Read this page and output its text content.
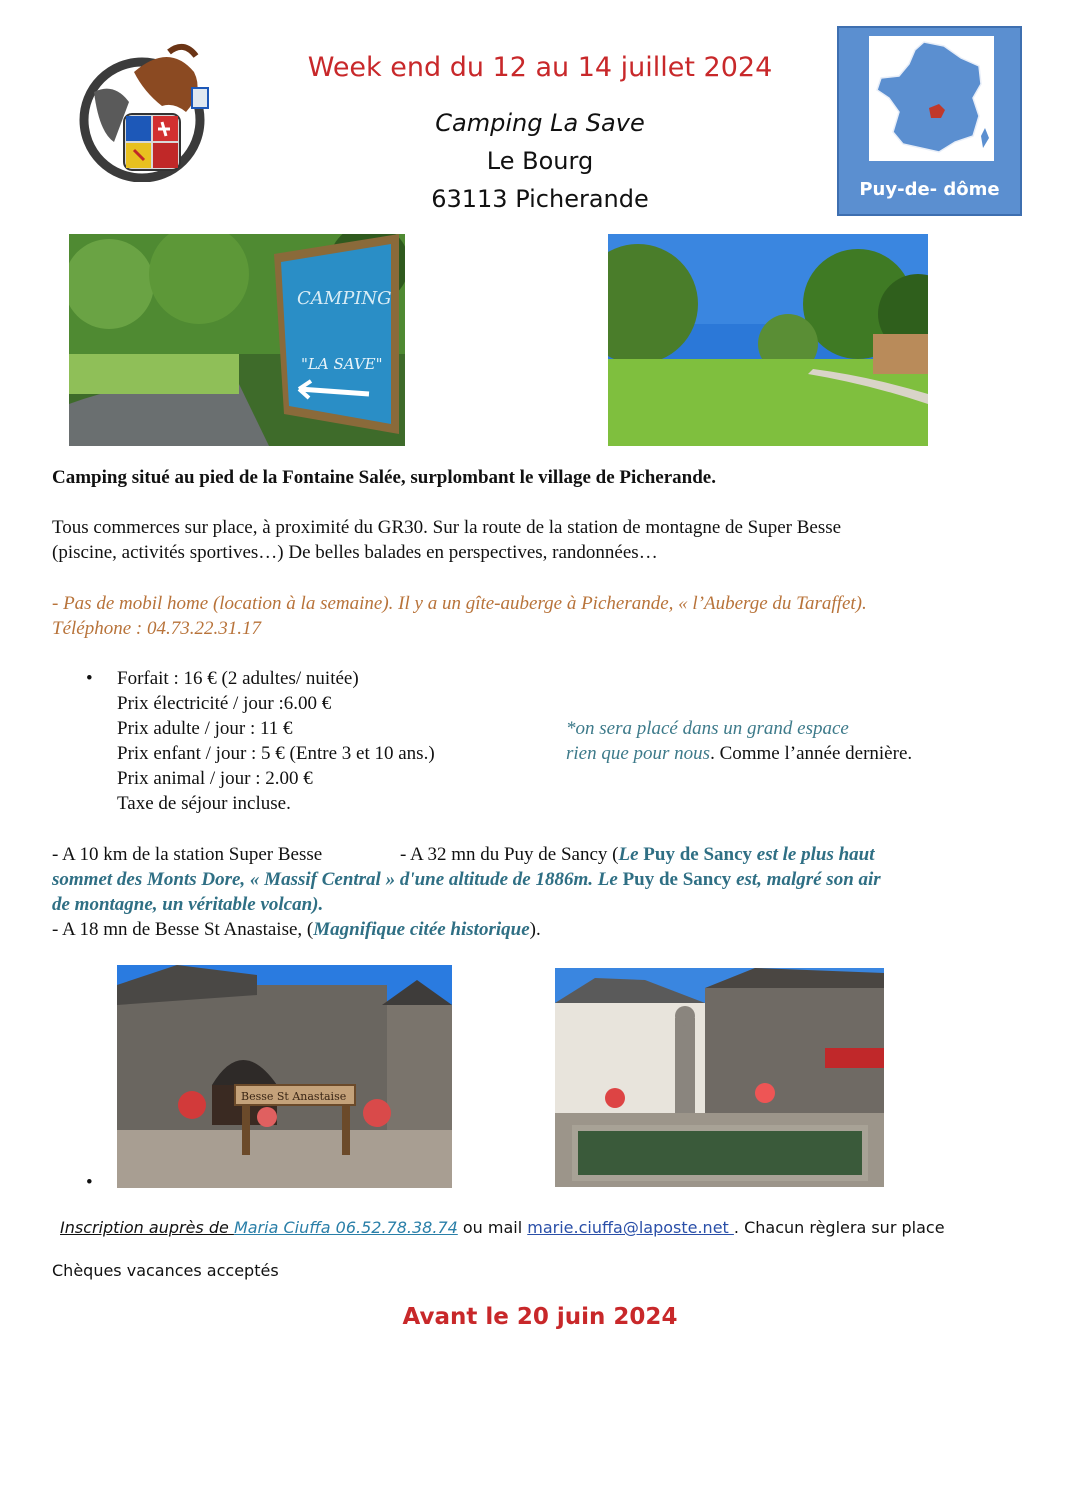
Week end du 12 au 14 juillet 2024
Camping La Save
Le Bourg
63113 Picherande	Puy-de- dôme
CAMPING
"LA SAVE"
Camping situé au pied de la Fontaine Salée, surplombant le village de Picherande.
Tous commerces sur place, à proximité du GR30. Sur la route de la station de montagne de Super Besse
(piscine, activités sportives…) De belles balades en perspectives, randonnées…
- Pas de mobil home (location à la semaine). Il y a un gîte-auberge à Picherande, « l’Auberge du Taraffet).
Téléphone : 04.73.22.31.17
• Forfait : 16 € (2 adultes/ nuitée)
Prix électricité / jour :6.00 €
Prix adulte / jour : 11 €
Prix enfant / jour : 5 € (Entre 3 et 10 ans.)
Prix animal / jour : 2.00 €
Taxe de séjour incluse.
*on sera placé dans un grand espace
rien que pour nous. Comme l’année dernière.
- A 10 km de la station Super Besse	- A 32 mn du Puy de Sancy (Le Puy de Sancy est le plus haut
sommet des Monts Dore, « Massif Central » d'une altitude de 1886m. Le Puy de Sancy est, malgré son air
de montagne, un véritable volcan).
- A 18 mn de Besse St Anastaise, (Magnifique citée historique).
Besse St Anastaise
•
Inscription auprès de Maria Ciuffa 06.52.78.38.74 ou mail marie.ciuffa@laposte.net . Chacun règlera sur place
Chèques vacances acceptés
Avant le 20 juin 2024
